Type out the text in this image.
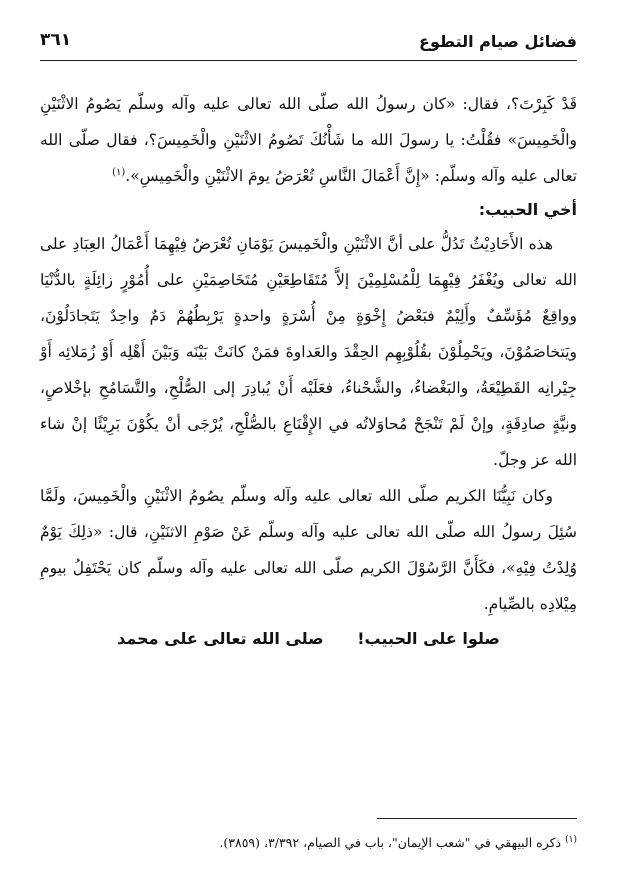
فضائل صيام التطوع
٣٦١

قَدْ كَبِرْتَ؟، فقال: «كان رسولُ الله صلّى الله تعالى عليه وآله وسلّم يَصُومُ الاثْنَيْنِ والْخَمِيسَ» فقُلْتُ: يا رسولَ الله ما شَأْنُكَ تَصُومُ الاثْنَيْنِ والْخَمِيسَ؟، فقال صلّى الله تعالى عليه وآله وسلّم: «إِنَّ أَعْمَالَ النَّاسِ تُعْرَضُ يومَ الاثْنَيْنِ والْخَمِيسِ».$^{(١)}$

أخي الحبيب:

هذه الأَحَادِيْثُ تَدُلُّ على أنَّ الاثْنَيْنِ والْخَمِيسَ يَوْمَانِ تُعْرَضُ فِيْهِمَا أَعْمَالُ العِبَادِ على الله تعالى ويُغْفَرُ فِيْهِمَا لِلْمُسْلِمِيْنَ إلاَّ مُتَقَاطِعَيْنِ مُتَخَاصِمَيْنِ على أُمُوْرٍ زائِلَةٍ بالدُّنْيَا وواقِعٌ مُؤَسِّفٌ وأَلِيْمٌ فبَعْضُ إِخْوَةٍ مِنْ أُسْرَةٍ واحدةٍ يَرْبِطُهُمْ دَمٌ واحِدٌ يَتَجادَلُوْنَ، ويَتخاصَمُوْنَ، ويَحْمِلُوْنَ بقُلُوْبِهِم الحِقْدَ والعَداوةَ فمَنْ كانَتْ بَيْنَه وَبَيْنَ أَهْلِه أَوْ زُمَلائِه أَوْ جِيْرانِه القَطِيْعَةُ، والبَغْضاءُ، والشَّحْناءُ، فعَلَيْه أَنْ يُبادِرَ إلى الصُّلْحِ، والتَّسَامُحِ بإخْلاصٍ، ونيَّةٍ صادِقَةٍ، وإنْ لَمْ تَنْجَحْ مُحاوَلاتُه في الإِقْنَاعِ بالصُّلْحِ، يُرْجَى أنْ يكُوْنَ بَرِيْئًا إنْ شاء الله عز وجلّ.

وكان نَبِيُّنَا الكريم صلّى الله تعالى عليه وآله وسلّم يصُومُ الاثْنَيْنِ والْخَمِيسَ، ولَمَّا سُئِلَ رسولُ الله صلّى الله تعالى عليه وآله وسلّم عَنْ صَوْمِ الاثنَيْنِ، قال: «ذلِكَ يَوْمٌ وُلِدْتُ فِيْهِ»، فكَأَنَّ الرَّسُوْلَ الكريم صلّى الله تعالى عليه وآله وسلّم كان يَحْتَفِلُ بيومِ مِيْلادِه بالصِّيامِ.

صلوا على الحبيب! صلى الله تعالى على محمد

$^{(١)}$ذكره البيهقي في "شعب الإيمان"، باب في الصيام، ٣/٣٩٢، (٣٨٥٩).
